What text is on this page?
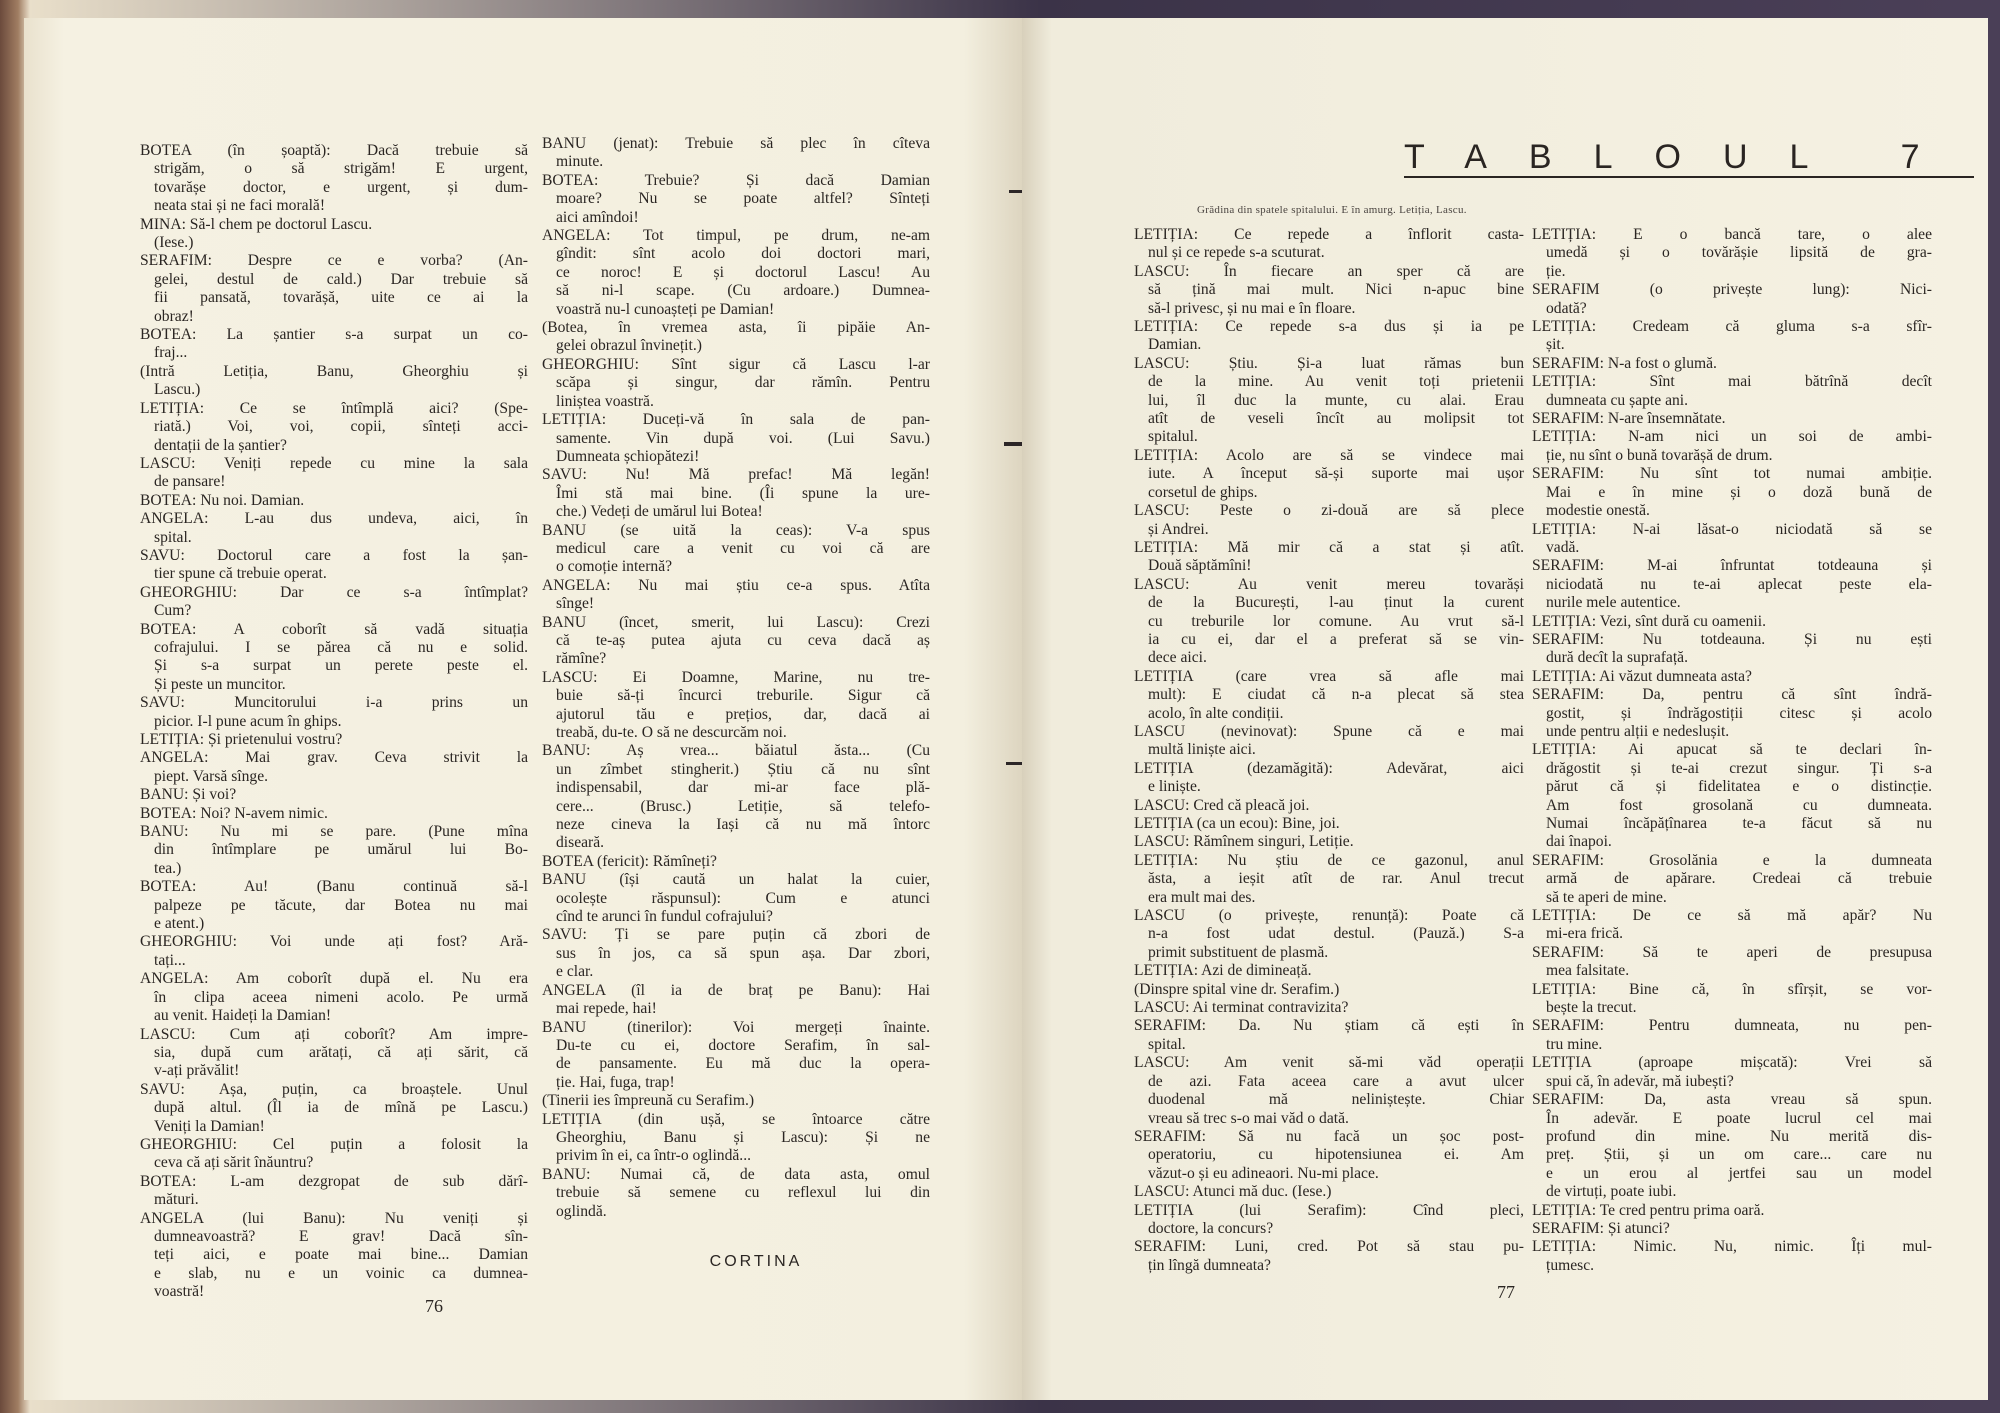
BOTEA (în șoaptă): Dacă trebuie să
strigăm, o să strigăm! E urgent,
tovarășe doctor, e urgent, și dum-
neata stai și ne faci morală!
MINA: Să-l chem pe doctorul Lascu.
(Iese.)
SERAFIM: Despre ce e vorba? (An-
gelei, destul de cald.) Dar trebuie să
fii pansată, tovarășă, uite ce ai la
obraz!
BOTEA: La șantier s-a surpat un co-
fraj...
(Intră Letiția, Banu, Gheorghiu și
Lascu.)
LETIȚIA: Ce se întîmplă aici? (Spe-
riată.) Voi, voi, copii, sînteți acci-
dentații de la șantier?
LASCU: Veniți repede cu mine la sala
de pansare!
BOTEA: Nu noi. Damian.
ANGELA: L-au dus undeva, aici, în
spital.
SAVU: Doctorul care a fost la șan-
tier spune că trebuie operat.
GHEORGHIU: Dar ce s-a întîmplat?
Cum?
BOTEA: A coborît să vadă situația
cofrajului. I se părea că nu e solid.
Și s-a surpat un perete peste el.
Și peste un muncitor.
SAVU: Muncitorului i-a prins un
picior. I-l pune acum în ghips.
LETIȚIA: Și prietenului vostru?
ANGELA: Mai grav. Ceva strivit la
piept. Varsă sînge.
BANU: Și voi?
BOTEA: Noi? N-avem nimic.
BANU: Nu mi se pare. (Pune mîna
din întîmplare pe umărul lui Bo-
tea.)
BOTEA: Au! (Banu continuă să-l
palpeze pe tăcute, dar Botea nu mai
e atent.)
GHEORGHIU: Voi unde ați fost? Ară-
tați...
ANGELA: Am coborît după el. Nu era
în clipa aceea nimeni acolo. Pe urmă
au venit. Haideți la Damian!
LASCU: Cum ați coborît? Am impre-
sia, după cum arătați, că ați sărit, că
v-ați prăvălit!
SAVU: Așa, puțin, ca broaștele. Unul
după altul. (Îl ia de mînă pe Lascu.)
Veniți la Damian!
GHEORGHIU: Cel puțin a folosit la
ceva că ați sărit înăuntru?
BOTEA: L-am dezgropat de sub dărî-
mături.
ANGELA (lui Banu): Nu veniți și
dumneavoastră? E grav! Dacă sîn-
teți aici, e poate mai bine... Damian
e slab, nu e un voinic ca dumnea-
voastră!
BANU (jenat): Trebuie să plec în cîteva
minute.
BOTEA: Trebuie? Și dacă Damian
moare? Nu se poate altfel? Sînteți
aici amîndoi!
ANGELA: Tot timpul, pe drum, ne-am
gîndit: sînt acolo doi doctori mari,
ce noroc! E și doctorul Lascu! Au
să ni-l scape. (Cu ardoare.) Dumnea-
voastră nu-l cunoașteți pe Damian!
(Botea, în vremea asta, îi pipăie An-
gelei obrazul învinețit.)
GHEORGHIU: Sînt sigur că Lascu l-ar
scăpa și singur, dar rămîn. Pentru
liniștea voastră.
LETIȚIA: Duceți-vă în sala de pan-
samente. Vin după voi. (Lui Savu.)
Dumneata șchiopătezi!
SAVU: Nu! Mă prefac! Mă legăn!
Îmi stă mai bine. (Îi spune la ure-
che.) Vedeți de umărul lui Botea!
BANU (se uită la ceas): V-a spus
medicul care a venit cu voi că are
o comoție internă?
ANGELA: Nu mai știu ce-a spus. Atîta
sînge!
BANU (încet, smerit, lui Lascu): Crezi
că te-aș putea ajuta cu ceva dacă aș
rămîne?
LASCU: Ei Doamne, Marine, nu tre-
buie să-ți încurci treburile. Sigur că
ajutorul tău e prețios, dar, dacă ai
treabă, du-te. O să ne descurcăm noi.
BANU: Aș vrea... băiatul ăsta... (Cu
un zîmbet stingherit.) Știu că nu sînt
indispensabil, dar mi-ar face plă-
cere... (Brusc.) Letiție, să telefo-
neze cineva la Iași că nu mă întorc
diseară.
BOTEA (fericit): Rămîneți?
BANU (își caută un halat la cuier,
ocolește răspunsul): Cum e atunci
cînd te arunci în fundul cofrajului?
SAVU: Ți se pare puțin că zbori de
sus în jos, ca să spun așa. Dar zbori,
e clar.
ANGELA (îl ia de braț pe Banu): Hai
mai repede, hai!
BANU (tinerilor): Voi mergeți înainte.
Du-te cu ei, doctore Serafim, în sal-
de pansamente. Eu mă duc la opera-
ție. Hai, fuga, trap!
(Tinerii ies împreună cu Serafim.)
LETIȚIA (din ușă, se întoarce către
Gheorghiu, Banu și Lascu): Și ne
privim în ei, ca într-o oglindă...
BANU: Numai că, de data asta, omul
trebuie să semene cu reflexul lui din
oglindă.
CORTINA
76
TABLOUL 7
Grădina din spatele spitalului. E în amurg. Letiția, Lascu.
LETIȚIA: Ce repede a înflorit casta-
nul și ce repede s-a scuturat.
LASCU: În fiecare an sper că are
să țină mai mult. Nici n-apuc bine
să-l privesc, și nu mai e în floare.
LETIȚIA: Ce repede s-a dus și ia pe
Damian.
LASCU: Știu. Și-a luat rămas bun
de la mine. Au venit toți prietenii
lui, îl duc la munte, cu alai. Erau
atît de veseli încît au molipsit tot
spitalul.
LETIȚIA: Acolo are să se vindece mai
iute. A început să-și suporte mai ușor
corsetul de ghips.
LASCU: Peste o zi-două are să plece
și Andrei.
LETIȚIA: Mă mir că a stat și atît.
Două săptămîni!
LASCU: Au venit mereu tovarăși
de la București, l-au ținut la curent
cu treburile lor comune. Au vrut să-l
ia cu ei, dar el a preferat să se vin-
dece aici.
LETIȚIA (care vrea să afle mai
mult): E ciudat că n-a plecat să stea
acolo, în alte condiții.
LASCU (nevinovat): Spune că e mai
multă liniște aici.
LETIȚIA (dezamăgită): Adevărat, aici
e liniște.
LASCU: Cred că pleacă joi.
LETIȚIA (ca un ecou): Bine, joi.
LASCU: Rămînem singuri, Letiție.
LETIȚIA: Nu știu de ce gazonul, anul
ăsta, a ieșit atît de rar. Anul trecut
era mult mai des.
LASCU (o privește, renunță): Poate că
n-a fost udat destul. (Pauză.) S-a
primit substituent de plasmă.
LETIȚIA: Azi de dimineață.
(Dinspre spital vine dr. Serafim.)
LASCU: Ai terminat contravizita?
SERAFIM: Da. Nu știam că ești în
spital.
LASCU: Am venit să-mi văd operații
de azi. Fata aceea care a avut ulcer
duodenal mă neliniștește. Chiar
vreau să trec s-o mai văd o dată.
SERAFIM: Să nu facă un șoc post-
operatoriu, cu hipotensiunea ei. Am
văzut-o și eu adineaori. Nu-mi place.
LASCU: Atunci mă duc. (Iese.)
LETIȚIA (lui Serafim): Cînd pleci,
doctore, la concurs?
SERAFIM: Luni, cred. Pot să stau pu-
țin lîngă dumneata?
LETIȚIA: E o bancă tare, o alee
umedă și o tovărășie lipsită de gra-
ție.
SERAFIM (o privește lung): Nici-
odată?
LETIȚIA: Credeam că gluma s-a sfîr-
șit.
SERAFIM: N-a fost o glumă.
LETIȚIA: Sînt mai bătrînă decît
dumneata cu șapte ani.
SERAFIM: N-are însemnătate.
LETIȚIA: N-am nici un soi de ambi-
ție, nu sînt o bună tovarășă de drum.
SERAFIM: Nu sînt tot numai ambiție.
Mai e în mine și o doză bună de
modestie onestă.
LETIȚIA: N-ai lăsat-o niciodată să se
vadă.
SERAFIM: M-ai înfruntat totdeauna și
niciodată nu te-ai aplecat peste ela-
nurile mele autentice.
LETIȚIA: Vezi, sînt dură cu oamenii.
SERAFIM: Nu totdeauna. Și nu ești
dură decît la suprafață.
LETIȚIA: Ai văzut dumneata asta?
SERAFIM: Da, pentru că sînt îndră-
gostit, și îndrăgostiții citesc și acolo
unde pentru alții e nedeslușit.
LETIȚIA: Ai apucat să te declari în-
drăgostit și te-ai crezut singur. Ți s-a
părut că și fidelitatea e o distincție.
Am fost grosolană cu dumneata.
Numai încăpățînarea te-a făcut să nu
dai înapoi.
SERAFIM: Grosolănia e la dumneata
armă de apărare. Credeai că trebuie
să te aperi de mine.
LETIȚIA: De ce să mă apăr? Nu
mi-era frică.
SERAFIM: Să te aperi de presupusa
mea falsitate.
LETIȚIA: Bine că, în sfîrșit, se vor-
bește la trecut.
SERAFIM: Pentru dumneata, nu pen-
tru mine.
LETIȚIA (aproape mișcată): Vrei să
spui că, în adevăr, mă iubești?
SERAFIM: Da, asta vreau să spun.
În adevăr. E poate lucrul cel mai
profund din mine. Nu merită dis-
preț. Știi, și un om care... care nu
e un erou al jertfei sau un model
de virtuți, poate iubi.
LETIȚIA: Te cred pentru prima oară.
SERAFIM: Și atunci?
LETIȚIA: Nimic. Nu, nimic. Îți mul-
țumesc.
77
